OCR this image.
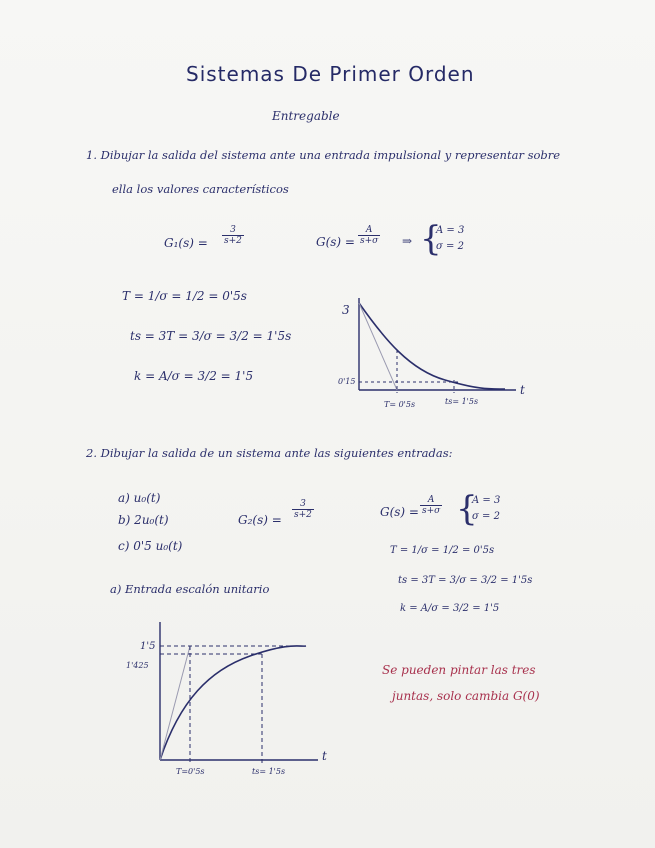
Sistemas De Primer Orden
Entregable
1. Dibujar la salida del sistema ante una entrada impulsional y representar sobre
ella los valores característicos
$G_1(s) = \frac{3}{s+2}$	$G(s) = \frac{A}{s+\sigma}$ ⇒ {
A = 3
σ = 2
T = 1/σ = 1/2 = 0'5s
ts = 3T = 3/σ = 3/2 = 1'5s
k = A/σ = 3/2 = 1'5
3
0'15
t
T= 0'5s	ts= 1'5s
2. Dibujar la salida de un sistema ante las siguientes entradas:
a) u₀(t)
b) 2u₀(t)
c) 0'5 u₀(t)
$G_2(s) = \frac{3}{s+2}$	$G(s) = \frac{A}{s+\sigma}$ {
A = 3
σ = 2
T = 1/σ = 1/2 = 0'5s
ts = 3T = 3/σ = 3/2 = 1'5s
k = A/σ = 3/2 = 1'5
a) Entrada escalón unitario
1'5
1'425
t
T=0'5s	ts= 1'5s
Se pueden pintar las tres
juntas, solo cambia G(0)
